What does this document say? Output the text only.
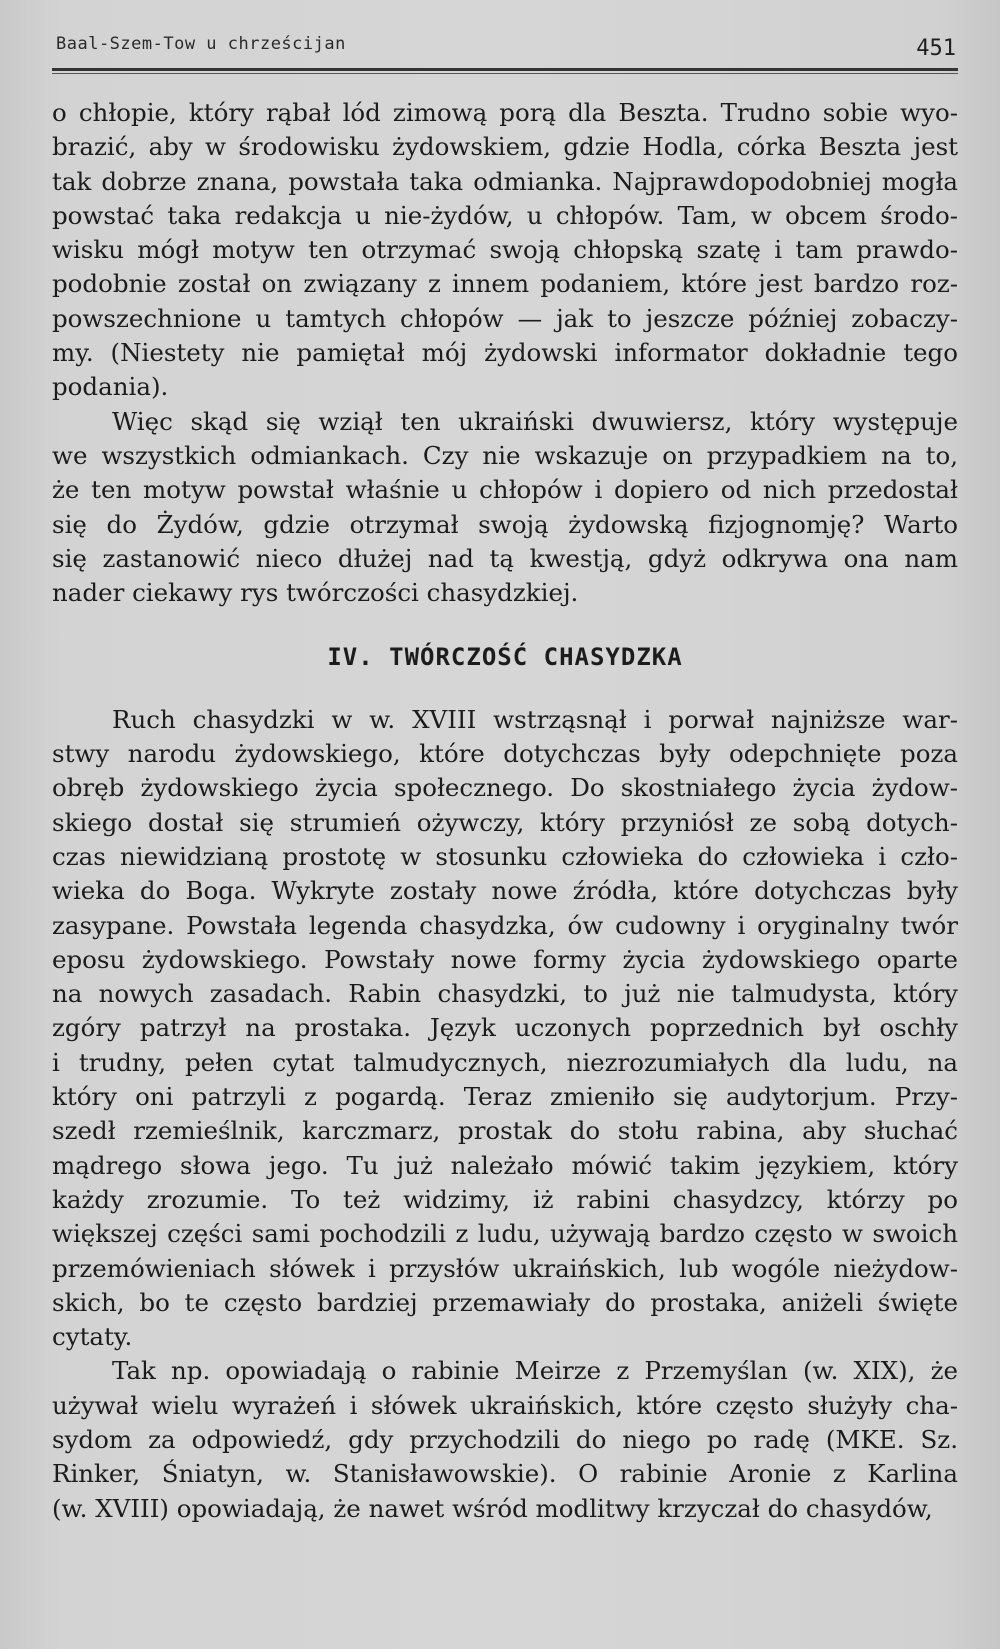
Baal-Szem-Tow u chrześcijan	451

o chłopie, który rąbał lód zimową porą dla Beszta. Trudno sobie wyo-
brazić, aby w środowisku żydowskiem, gdzie Hodla, córka Beszta jest
tak dobrze znana, powstała taka odmianka. Najprawdopodobniej mogła
powstać taka redakcja u nie-żydów, u chłopów. Tam, w obcem środo-
wisku mógł motyw ten otrzymać swoją chłopską szatę i tam prawdo-
podobnie został on związany z innem podaniem, które jest bardzo roz-
powszechnione u tamtych chłopów — jak to jeszcze później zobaczy-
my. (Niestety nie pamiętał mój żydowski informator dokładnie tego
podania).

Więc skąd się wziął ten ukraiński dwuwiersz, który występuje
we wszystkich odmiankach. Czy nie wskazuje on przypadkiem na to,
że ten motyw powstał właśnie u chłopów i dopiero od nich przedostał
się do Żydów, gdzie otrzymał swoją żydowską fizjognomję? Warto
się zastanowić nieco dłużej nad tą kwestją, gdyż odkrywa ona nam
nader ciekawy rys twórczości chasydzkiej.

IV. TWÓRCZOŚĆ CHASYDZKA

Ruch chasydzki w w. XVIII wstrząsnął i porwał najniższe war-
stwy narodu żydowskiego, które dotychczas były odepchnięte poza
obręb żydowskiego życia społecznego. Do skostniałego życia żydow-
skiego dostał się strumień ożywczy, który przyniósł ze sobą dotych-
czas niewidzianą prostotę w stosunku człowieka do człowieka i czło-
wieka do Boga. Wykryte zostały nowe źródła, które dotychczas były
zasypane. Powstała legenda chasydzka, ów cudowny i oryginalny twór
eposu żydowskiego. Powstały nowe formy życia żydowskiego oparte
na nowych zasadach. Rabin chasydzki, to już nie talmudysta, który
zgóry patrzył na prostaka. Język uczonych poprzednich był oschły
i trudny, pełen cytat talmudycznych, niezrozumiałych dla ludu, na
który oni patrzyli z pogardą. Teraz zmieniło się audytorjum. Przy-
szedł rzemieślnik, karczmarz, prostak do stołu rabina, aby słuchać
mądrego słowa jego. Tu już należało mówić takim językiem, który
każdy zrozumie. To też widzimy, iż rabini chasydzcy, którzy po
większej części sami pochodzili z ludu, używają bardzo często w swoich
przemówieniach słówek i przysłów ukraińskich, lub wogóle nieżydow-
skich, bo te często bardziej przemawiały do prostaka, aniżeli święte
cytaty.

Tak np. opowiadają o rabinie Meirze z Przemyślan (w. XIX), że
używał wielu wyrażeń i słówek ukraińskich, które często służyły cha-
sydom za odpowiedź, gdy przychodzili do niego po radę (MKE. Sz.
Rinker, Śniatyn, w. Stanisławowskie). O rabinie Aronie z Karlina
(w. XVIII) opowiadają, że nawet wśród modlitwy krzyczał do chasydów,
